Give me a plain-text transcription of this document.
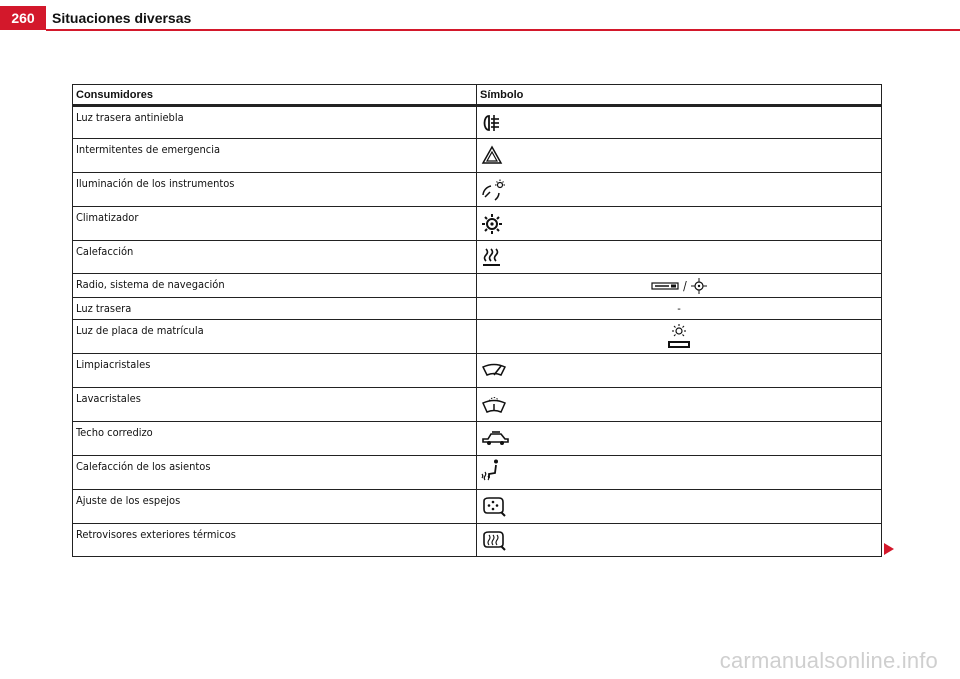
260	Situaciones diversas
Consumidores	Símbolo
Luz trasera antiniebla
Intermitentes de emergencia
Iluminación de los instrumentos
Climatizador
Calefacción
Radio, sistema de navegación	/
Luz trasera	-
Luz de placa de matrícula
Limpiacristales
Lavacristales
Techo corredizo
Calefacción de los asientos
Ajuste de los espejos
Retrovisores exteriores térmicos
carmanualsonline.info
